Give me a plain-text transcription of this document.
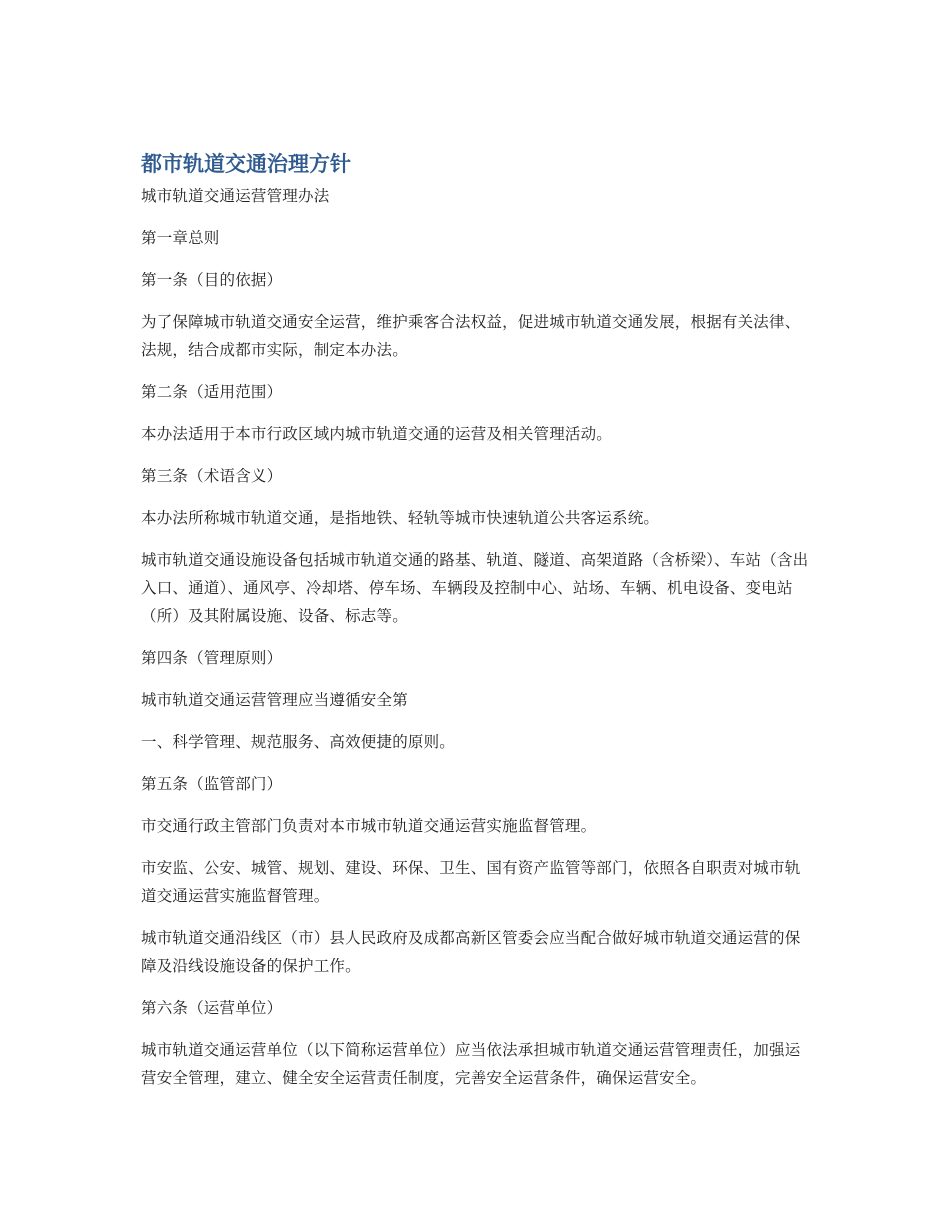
都市轨道交通治理方针

城市轨道交通运营管理办法

第一章总则

第一条（目的依据）

为了保障城市轨道交通安全运营，维护乘客合法权益，促进城市轨道交通发展，根据有关法律、法规，结合成都市实际，制定本办法。

第二条（适用范围）

本办法适用于本市行政区域内城市轨道交通的运营及相关管理活动。

第三条（术语含义）

本办法所称城市轨道交通，是指地铁、轻轨等城市快速轨道公共客运系统。

城市轨道交通设施设备包括城市轨道交通的路基、轨道、隧道、高架道路（含桥梁）、车站（含出入口、通道）、通风亭、冷却塔、停车场、车辆段及控制中心、站场、车辆、机电设备、变电站（所）及其附属设施、设备、标志等。

第四条（管理原则）

城市轨道交通运营管理应当遵循安全第

一、科学管理、规范服务、高效便捷的原则。

第五条（监管部门）

市交通行政主管部门负责对本市城市轨道交通运营实施监督管理。

市安监、公安、城管、规划、建设、环保、卫生、国有资产监管等部门，依照各自职责对城市轨道交通运营实施监督管理。

城市轨道交通沿线区（市）县人民政府及成都高新区管委会应当配合做好城市轨道交通运营的保障及沿线设施设备的保护工作。

第六条（运营单位）

城市轨道交通运营单位（以下简称运营单位）应当依法承担城市轨道交通运营管理责任，加强运营安全管理，建立、健全安全运营责任制度，完善安全运营条件，确保运营安全。
